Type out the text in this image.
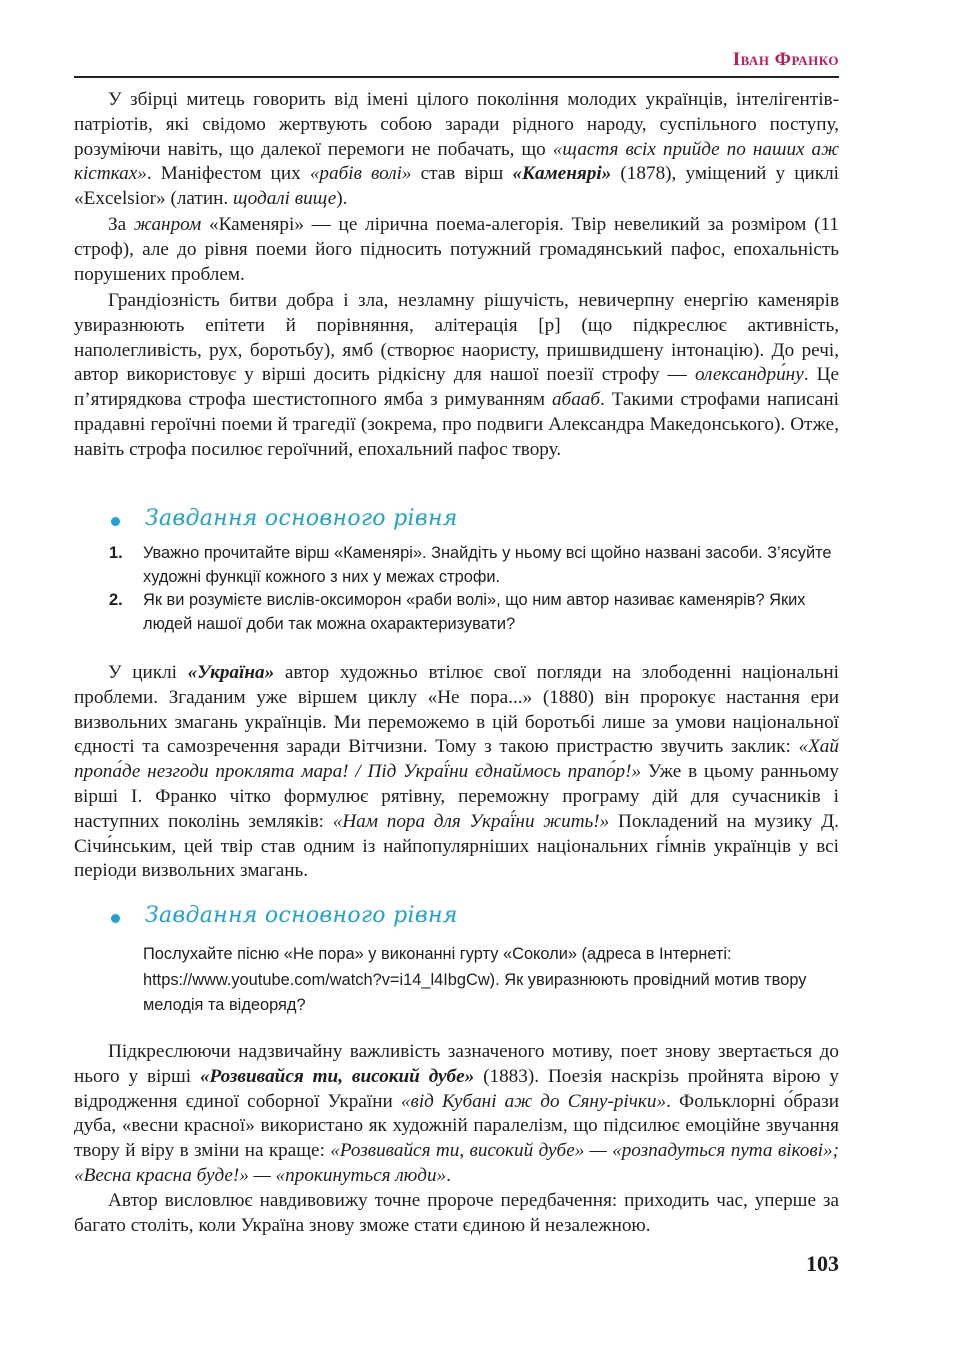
Іван Франко

У збірці митець говорить від імені цілого покоління молодих українців, інтелігентів-патріотів, які свідомо жертвують собою заради рідного народу, суспільного поступу, розуміючи навіть, що далекої перемоги не побачать, що «щастя всіх прийде по наших аж кістках». Маніфестом цих «рабів волі» став вірш «Каменярі» (1878), уміщений у циклі «Excelsior» (латин. щодалі вище).

За жанром «Каменярі» — це лірична поема-алегорія. Твір невеликий за розміром (11 строф), але до рівня поеми його підносить потужний громадянський пафос, епохальність порушених проблем.

Грандіозність битви добра і зла, незламну рішучість, невичерпну енергію каменярів увиразнюють епітети й порівняння, алітерація [р] (що підкреслює активність, наполегливість, рух, боротьбу), ямб (створює наористу, пришвидшену інтонацію). До речі, автор використовує у вірші досить рідкісну для нашої поезії строфу — олександри́ну. Це п’ятирядкова строфа шестистопного ямба з римуванням абааб. Такими строфами написані прадавні героїчні поеми й трагедії (зокрема, про подвиги Александра Македонського). Отже, навіть строфа посилює героїчний, епохальний пафос твору.

Завдання основного рівня
1. Уважно прочитайте вірш «Каменярі». Знайдіть у ньому всі щойно названі засоби. З’ясуйте художні функції кожного з них у межах строфи.
2. Як ви розумієте вислів-оксиморон «раби волі», що ним автор називає каменярів? Яких людей нашої доби так можна охарактеризувати?

У циклі «Україна» автор художньо втілює свої погляди на злободенні національні проблеми. Згаданим уже віршем циклу «Не пора...» (1880) він пророкує настання ери визвольних змагань українців. Ми переможемо в цій боротьбі лише за умови національної єдності та самозречення заради Вітчизни. Тому з такою пристрастю звучить заклик: «Хай пропа́де незгоди проклята мара! / Під Украї́ни єднаймось прапо́р!» Уже в цьому ранньому вірші І. Франко чітко формулює рятівну, переможну програму дій для сучасників і наступних поколінь земляків: «Нам пора для Украї́ни жить!» Покладений на музику Д. Січи́нським, цей твір став одним із найпопулярніших національних гі́мнів українців у всі періоди визвольних змагань.

Завдання основного рівня
Послухайте пісню «Не пора» у виконанні гурту «Соколи» (адреса в Інтернеті: https://www.youtube.com/watch?v=i14_l4IbgCw). Як увиразнюють провідний мотив твору мелодія та відеоряд?

Підкреслюючи надзвичайну важливість зазначеного мотиву, поет знову звертається до нього у вірші «Розвивайся ти, високий дубе» (1883). Поезія наскрізь пройнята вірою у відродження єдиної соборної України «від Кубані аж до Сяну-річки». Фольклорні о́брази дуба, «весни красної» використано як художній паралелізм, що підсилює емоційне звучання твору й віру в зміни на краще: «Розвивайся ти, високий дубе» — «розпадуться пута вікові»; «Весна красна буде!» — «прокинуться люди».

Автор висловлює навдивовижу точне пророче передбачення: приходить час, уперше за багато століть, коли Україна знову зможе стати єдиною й незалежною.

103
